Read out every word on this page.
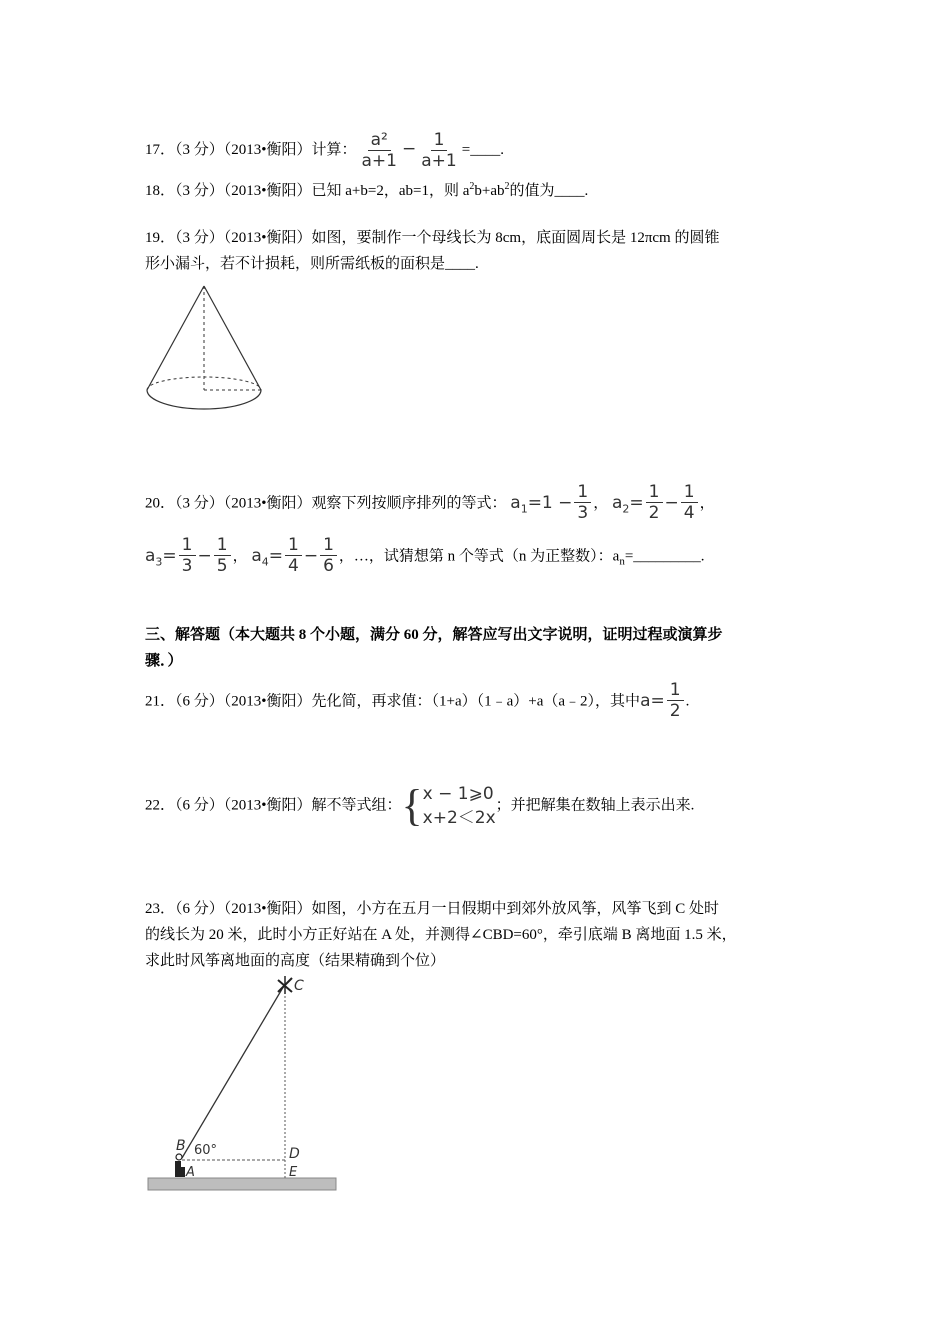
17．（3 分）（2013•衡阳）计算： $\frac{\text{a²}}{a+1} - \frac{1}{a+1}$ =____.
18．（3 分）（2013•衡阳）已知 a+b=2，ab=1，则 $a^2b+ab^2$的值为____.
19．（3 分）（2013•衡阳）如图，要制作一个母线长为 8cm，底面圆周长是 12πcm 的圆锥
形小漏斗，若不计损耗，则所需纸板的面积是____.
20．（3 分）（2013•衡阳）观察下列按顺序排列的等式： $a_1=1 - \frac{1}{3}$ ， $a_2= \frac{1}{2} - \frac{1}{4}$ ，
$a_3= \frac{1}{3} - \frac{1}{5}$ ， $a_4= \frac{1}{4} - \frac{1}{6}$ ，…，试猜想第 n 个等式（n 为正整数）：$a_n=\_\_\_\_\_\_\_\_\_$.
三、解答题（本大题共 8 个小题，满分 60 分，解答应写出文字说明，证明过程或演算步
骤．）
21．（6 分）（2013•衡阳）先化简，再求值：（1+a）（1﹣a）+a（a﹣2），其中$a= \frac{1}{2}$ .
22．（6 分）（2013•衡阳）解不等式组：{ x − 1⩾0
x+2＜2x
；并把解集在数轴上表示出来.
23．（6 分）（2013•衡阳）如图，小方在五月一日假期中到郊外放风筝，风筝飞到 C 处时
的线长为 20 米，此时小方正好站在 A 处，并测得∠CBD=60°，牵引底端 B 离地面 1.5 米，
求此时风筝离地面的高度（结果精确到个位）
C
B 60°
A
D
E
